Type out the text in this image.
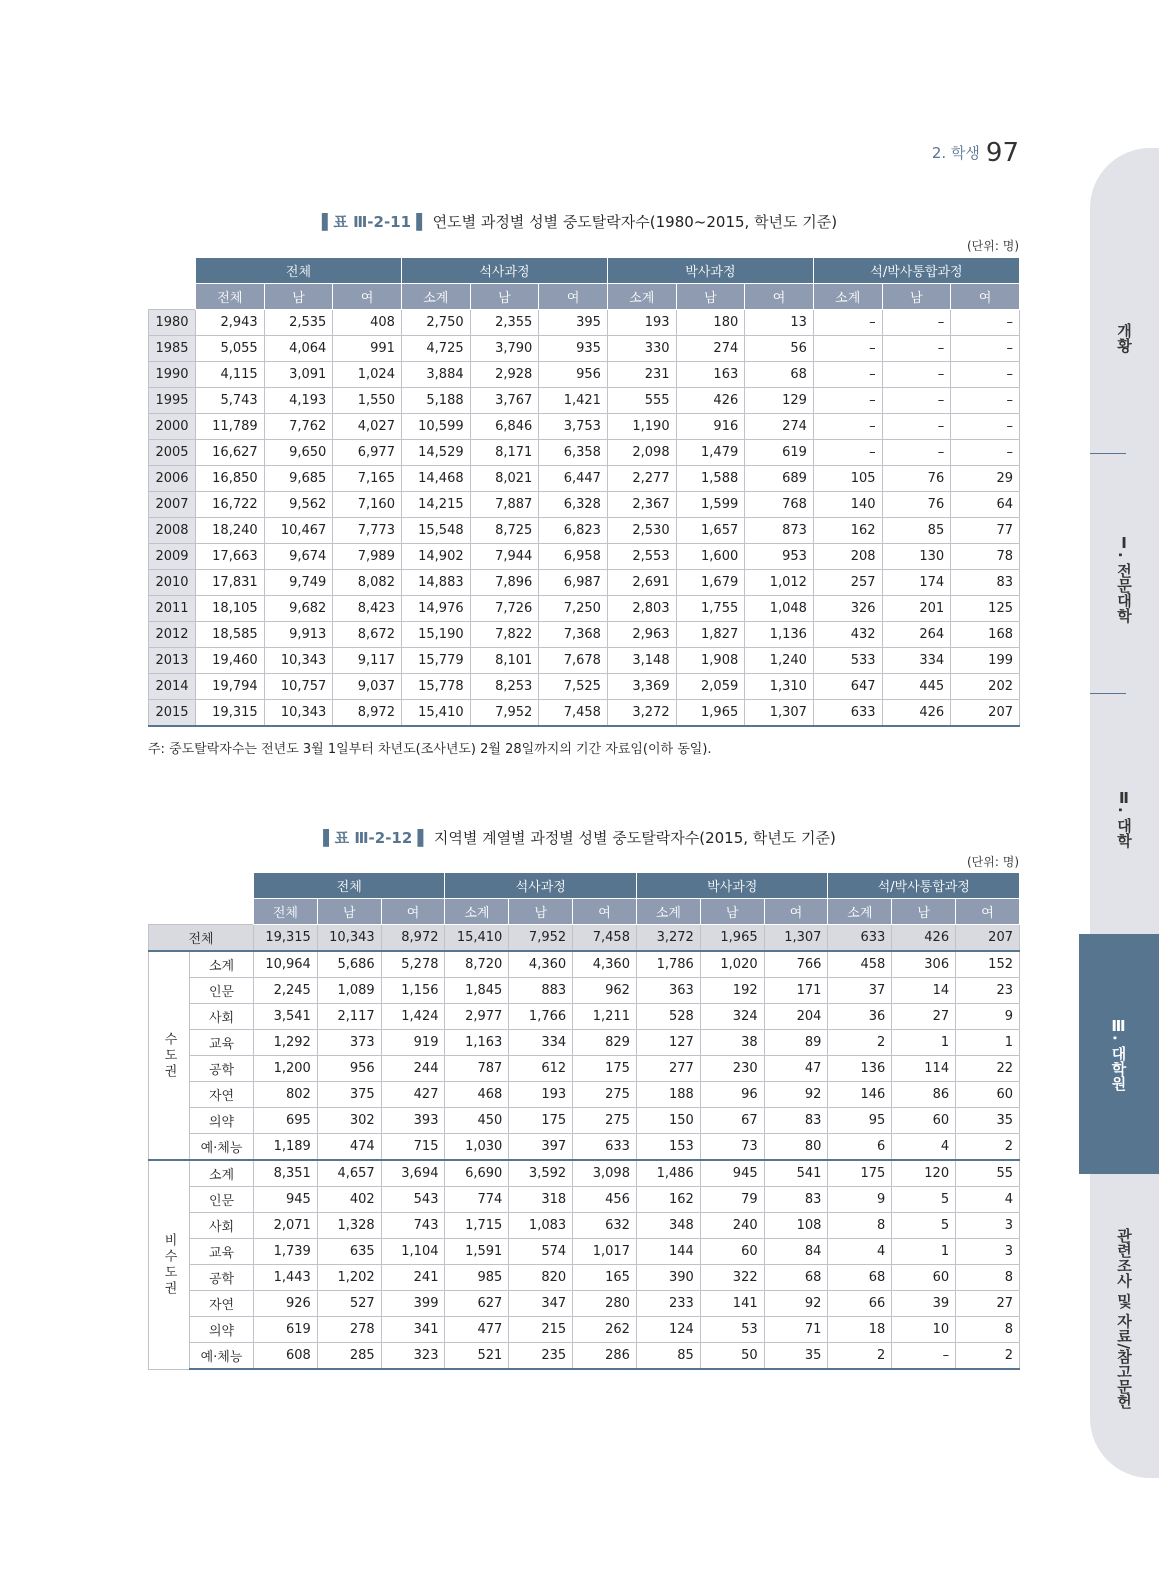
2. 학생 97
개황
Ⅰ. 전문대학
Ⅱ. 대학
Ⅲ. 대학원
관련조사 및 자료/참고문헌
▌표 Ⅲ-2-11 ▌ 연도별 과정별 성별 중도탈락자수(1980~2015, 학년도 기준)
(단위: 명)
	전체			석사과정			박사과정			석/박사통합과정		
	전체	남	여	소계	남	여	소계	남	여	소계	남	여
1980	2,943	2,535	408	2,750	2,355	395	193	180	13	–	–	–
1985	5,055	4,064	991	4,725	3,790	935	330	274	56	–	–	–
1990	4,115	3,091	1,024	3,884	2,928	956	231	163	68	–	–	–
1995	5,743	4,193	1,550	5,188	3,767	1,421	555	426	129	–	–	–
2000	11,789	7,762	4,027	10,599	6,846	3,753	1,190	916	274	–	–	–
2005	16,627	9,650	6,977	14,529	8,171	6,358	2,098	1,479	619	–	–	–
2006	16,850	9,685	7,165	14,468	8,021	6,447	2,277	1,588	689	105	76	29
2007	16,722	9,562	7,160	14,215	7,887	6,328	2,367	1,599	768	140	76	64
2008	18,240	10,467	7,773	15,548	8,725	6,823	2,530	1,657	873	162	85	77
2009	17,663	9,674	7,989	14,902	7,944	6,958	2,553	1,600	953	208	130	78
2010	17,831	9,749	8,082	14,883	7,896	6,987	2,691	1,679	1,012	257	174	83
2011	18,105	9,682	8,423	14,976	7,726	7,250	2,803	1,755	1,048	326	201	125
2012	18,585	9,913	8,672	15,190	7,822	7,368	2,963	1,827	1,136	432	264	168
2013	19,460	10,343	9,117	15,779	8,101	7,678	3,148	1,908	1,240	533	334	199
2014	19,794	10,757	9,037	15,778	8,253	7,525	3,369	2,059	1,310	647	445	202
2015	19,315	10,343	8,972	15,410	7,952	7,458	3,272	1,965	1,307	633	426	207
주: 중도탈락자수는 전년도 3월 1일부터 차년도(조사년도) 2월 28일까지의 기간 자료임(이하 동일).
▌표 Ⅲ-2-12 ▌ 지역별 계열별 과정별 성별 중도탈락자수(2015, 학년도 기준)
(단위: 명)
		전체			석사과정			박사과정			석/박사통합과정		
		전체	남	여	소계	남	여	소계	남	여	소계	남	여
전체		19,315	10,343	8,972	15,410	7,952	7,458	3,272	1,965	1,307	633	426	207
수도권	소계	10,964	5,686	5,278	8,720	4,360	4,360	1,786	1,020	766	458	306	152
	인문	2,245	1,089	1,156	1,845	883	962	363	192	171	37	14	23
	사회	3,541	2,117	1,424	2,977	1,766	1,211	528	324	204	36	27	9
	교육	1,292	373	919	1,163	334	829	127	38	89	2	1	1
	공학	1,200	956	244	787	612	175	277	230	47	136	114	22
	자연	802	375	427	468	193	275	188	96	92	146	86	60
	의약	695	302	393	450	175	275	150	67	83	95	60	35
	예·체능	1,189	474	715	1,030	397	633	153	73	80	6	4	2
비수도권	소계	8,351	4,657	3,694	6,690	3,592	3,098	1,486	945	541	175	120	55
	인문	945	402	543	774	318	456	162	79	83	9	5	4
	사회	2,071	1,328	743	1,715	1,083	632	348	240	108	8	5	3
	교육	1,739	635	1,104	1,591	574	1,017	144	60	84	4	1	3
	공학	1,443	1,202	241	985	820	165	390	322	68	68	60	8
	자연	926	527	399	627	347	280	233	141	92	66	39	27
	의약	619	278	341	477	215	262	124	53	71	18	10	8
	예·체능	608	285	323	521	235	286	85	50	35	2	–	2
